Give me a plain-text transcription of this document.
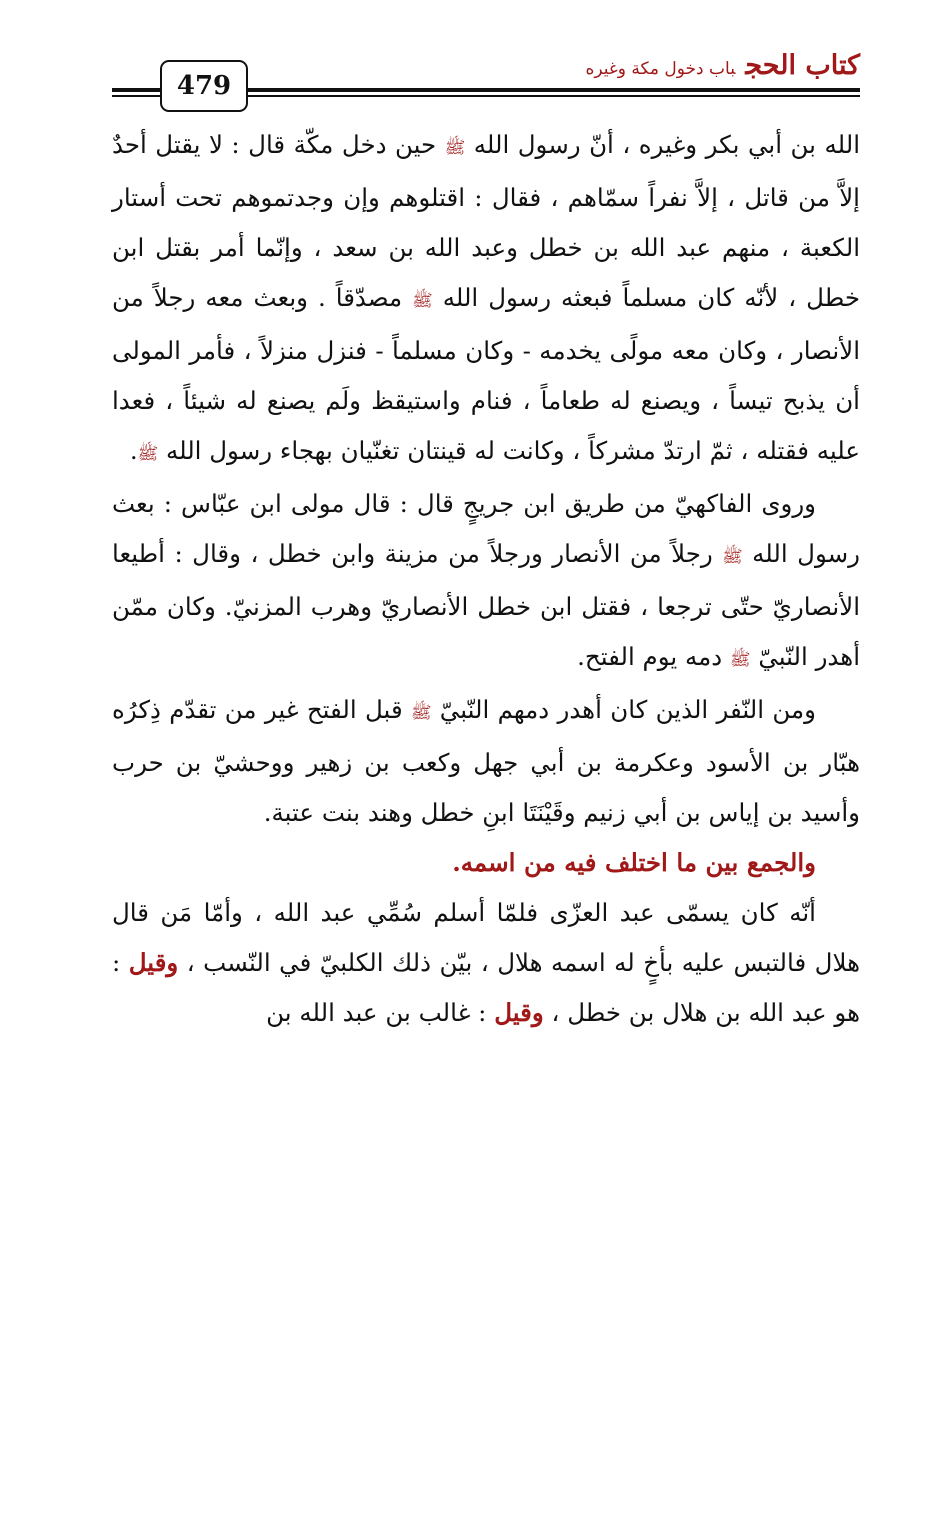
479
كتاب الحجباب دخول مكة وغيره

الله بن أبي بكر وغيره ، أنّ رسول الله ﷺ حين دخل مكّة قال : لا يقتل أحدٌ إلاَّ من قاتل ، إلاَّ نفراً سمّاهم ، فقال : اقتلوهم وإن وجدتموهم تحت أستار الكعبة ، منهم عبد الله بن خطل وعبد الله بن سعد ، وإنّما أمر بقتل ابن خطل ، لأنّه كان مسلماً فبعثه رسول الله ﷺ مصدّقاً . وبعث معه رجلاً من الأنصار ، وكان معه مولًى يخدمه - وكان مسلماً - فنزل منزلاً ، فأمر المولى أن يذبح تيساً ، ويصنع له طعاماً ، فنام واستيقظ ولَم يصنع له شيئاً ، فعدا عليه فقتله ، ثمّ ارتدّ مشركاً ، وكانت له قينتان تغنّيان بهجاء رسول الله ﷺ.

وروى الفاكهيّ من طريق ابن جريجٍ قال : قال مولى ابن عبّاس : بعث رسول الله ﷺ رجلاً من الأنصار ورجلاً من مزينة وابن خطل ، وقال : أطيعا الأنصاريّ حتّى ترجعا ، فقتل ابن خطل الأنصاريّ وهرب المزنيّ. وكان ممّن أهدر النّبيّ ﷺ دمه يوم الفتح.

ومن النّفر الذين كان أهدر دمهم النّبيّ ﷺ قبل الفتح غير من تقدّم ذِكرُه هبّار بن الأسود وعكرمة بن أبي جهل وكعب بن زهير ووحشيّ بن حرب وأسيد بن إياس بن أبي زنيم وقَيْنَتَا ابنِ خطل وهند بنت عتبة.

والجمع بين ما اختلف فيه من اسمه.

أنّه كان يسمّى عبد العزّى فلمّا أسلم سُمِّي عبد الله ، وأمّا مَن قال هلال فالتبس عليه بأخٍ له اسمه هلال ، بيّن ذلك الكلبيّ في النّسب ، وقيل : هو عبد الله بن هلال بن خطل ، وقيل : غالب بن عبد الله بن
